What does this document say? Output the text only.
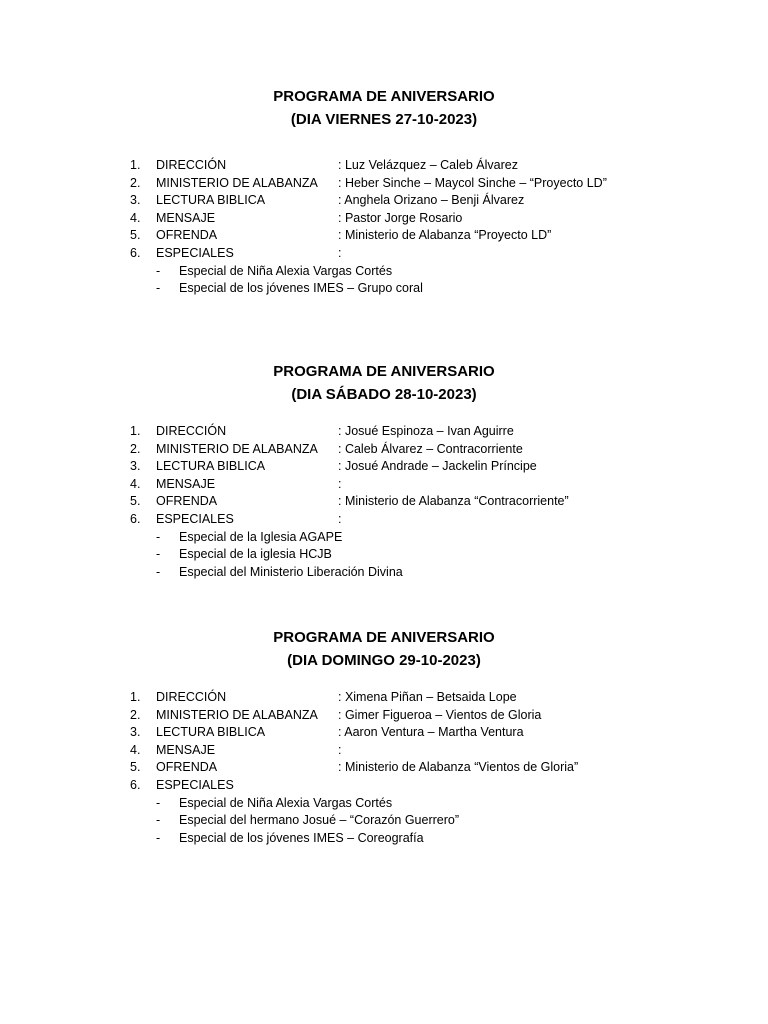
PROGRAMA DE ANIVERSARIO

(DIA VIERNES 27-10-2023)

1. DIRECCIÓN	: Luz Velázquez – Caleb Álvarez
2. MINISTERIO DE ALABANZA : Heber Sinche – Maycol Sinche – “Proyecto LD”
3. LECTURA BIBLICA	: Anghela Orizano – Benji Álvarez
4. MENSAJE	: Pastor Jorge Rosario
5. OFRENDA	: Ministerio de Alabanza “Proyecto LD”
6. ESPECIALES	:
- Especial de Niña Alexia Vargas Cortés
- Especial de los jóvenes IMES – Grupo coral

PROGRAMA DE ANIVERSARIO

(DIA SÁBADO 28-10-2023)

1. DIRECCIÓN	: Josué Espinoza – Ivan Aguirre
2. MINISTERIO DE ALABANZA : Caleb Álvarez – Contracorriente
3. LECTURA BIBLICA	: Josué Andrade – Jackelin Príncipe
4. MENSAJE	:
5. OFRENDA	: Ministerio de Alabanza “Contracorriente”
6. ESPECIALES	:
- Especial de la Iglesia AGAPE
- Especial de la iglesia HCJB
- Especial del Ministerio Liberación Divina

PROGRAMA DE ANIVERSARIO

(DIA DOMINGO 29-10-2023)

1. DIRECCIÓN	: Ximena Piñan – Betsaida Lope
2. MINISTERIO DE ALABANZA : Gimer Figueroa – Vientos de Gloria
3. LECTURA BIBLICA	: Aaron Ventura – Martha Ventura
4. MENSAJE	:
5. OFRENDA	: Ministerio de Alabanza “Vientos de Gloria”
6. ESPECIALES
- Especial de Niña Alexia Vargas Cortés
- Especial del hermano Josué – “Corazón Guerrero”
- Especial de los jóvenes IMES – Coreografía
